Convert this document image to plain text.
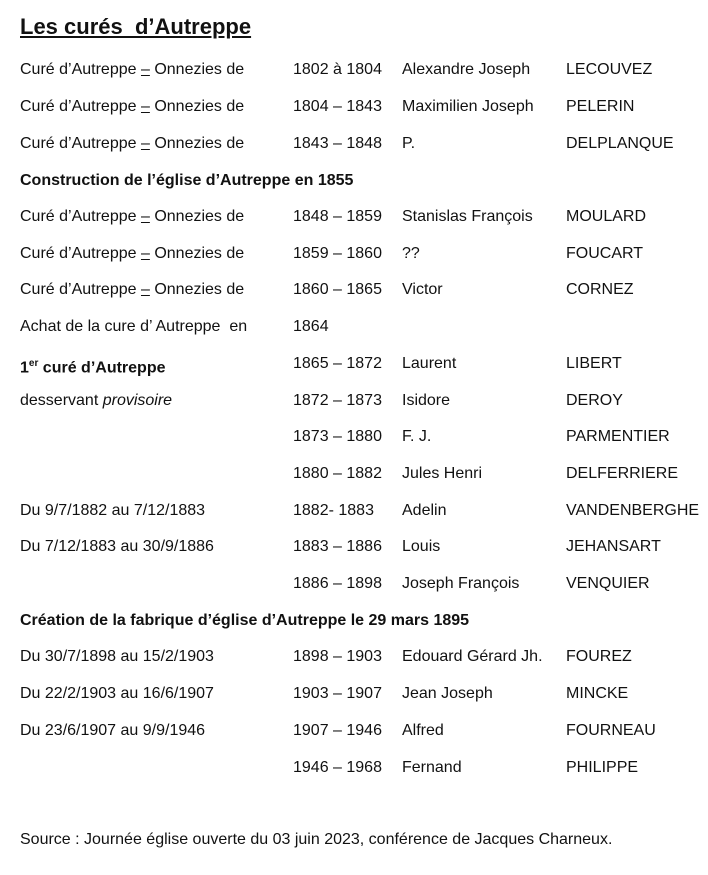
Les curés  d’Autreppe
Curé d’Autreppe – Onnezies de	1802 à 1804 Alexandre Joseph LECOUVEZ
Curé d’Autreppe – Onnezies de	1804 – 1843 Maximilien Joseph PELERIN
Curé d’Autreppe – Onnezies de	1843 – 1848 P.	DELPLANQUE
Construction de l’église d’Autreppe en 1855
Curé d’Autreppe – Onnezies de	1848 – 1859 Stanislas François MOULARD
Curé d’Autreppe – Onnezies de	1859 – 1860 ??	FOUCART
Curé d’Autreppe – Onnezies de	1860 – 1865 Victor	CORNEZ
Achat de la cure d’ Autreppe  en	1864
1er curé d’Autreppe	1865 – 1872 Laurent	LIBERT
desservant provisoire	1872 – 1873 Isidore	DEROY
1873 – 1880 F. J.	PARMENTIER
1880 – 1882 Jules Henri	DELFERRIERE
Du 9/7/1882 au 7/12/1883	1882- 1883 Adelin	VANDENBERGHE
Du 7/12/1883 au 30/9/1886	1883 – 1886 Louis	JEHANSART
1886 – 1898 Joseph François	VENQUIER
Création de la fabrique d’église d’Autreppe le 29 mars 1895
Du 30/7/1898 au 15/2/1903	1898 – 1903 Edouard Gérard Jh. FOUREZ
Du 22/2/1903 au 16/6/1907	1903 – 1907 Jean Joseph	MINCKE
Du 23/6/1907 au 9/9/1946	1907 – 1946 Alfred	FOURNEAU
1946 – 1968 Fernand	PHILIPPE
Source : Journée église ouverte du 03 juin 2023, conférence de Jacques Charneux.
